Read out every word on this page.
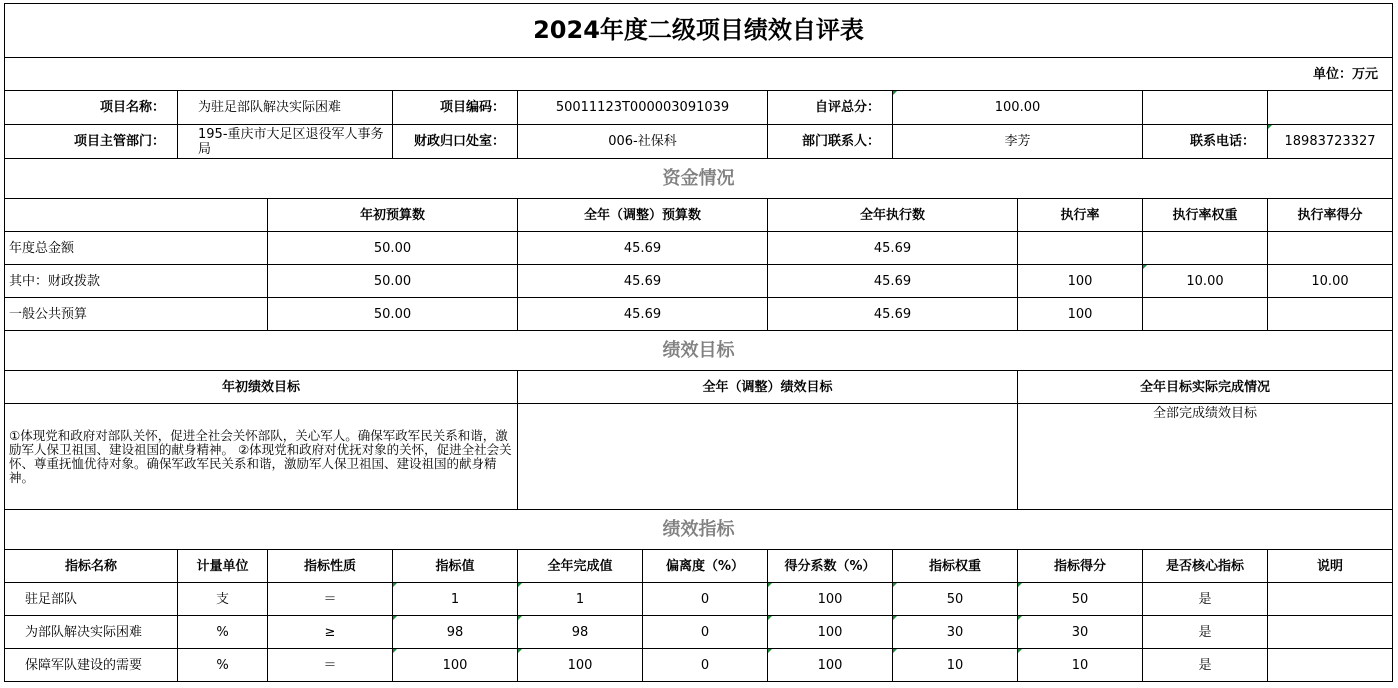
2024年度二级项目绩效自评表										
单位：万元										
项目名称：	为驻足部队解决实际困难		项目编码：	50011123T000003091039		自评总分：	100.00			
项目主管部门：	195-重庆市大足区退役军人事务局		财政归口处室：	006-社保科		部门联系人：	李芳		联系电话：	18983723327
资金情况										
		年初预算数		全年（调整）预算数		全年执行数		执行率	执行率权重	执行率得分
年度总金额		50.00		45.69		45.69				
其中：财政拨款		50.00		45.69		45.69		100	10.00	10.00
一般公共预算		50.00		45.69		45.69		100		
绩效目标										
年初绩效目标				全年（调整）绩效目标				全年目标实际完成情况		
①体现党和政府对部队关怀，促进全社会关怀部队，关心军人。确保军政军民关系和谐，激励军人保卫祖国、建设祖国的献身精神。 ②体现党和政府对优抚对象的关怀，促进全社会关怀、尊重抚恤优待对象。确保军政军民关系和谐，激励军人保卫祖国、建设祖国的献身精神。								全部完成绩效目标		
绩效指标										
指标名称	计量单位	指标性质	指标值	全年完成值	偏离度（%）	得分系数（%）	指标权重	指标得分	是否核心指标	说明
驻足部队	支	＝	1	1	0	100	50	50	是	
为部队解决实际困难	%	≥	98	98	0	100	30	30	是	
保障军队建设的需要	%	＝	100	100	0	100	10	10	是	
